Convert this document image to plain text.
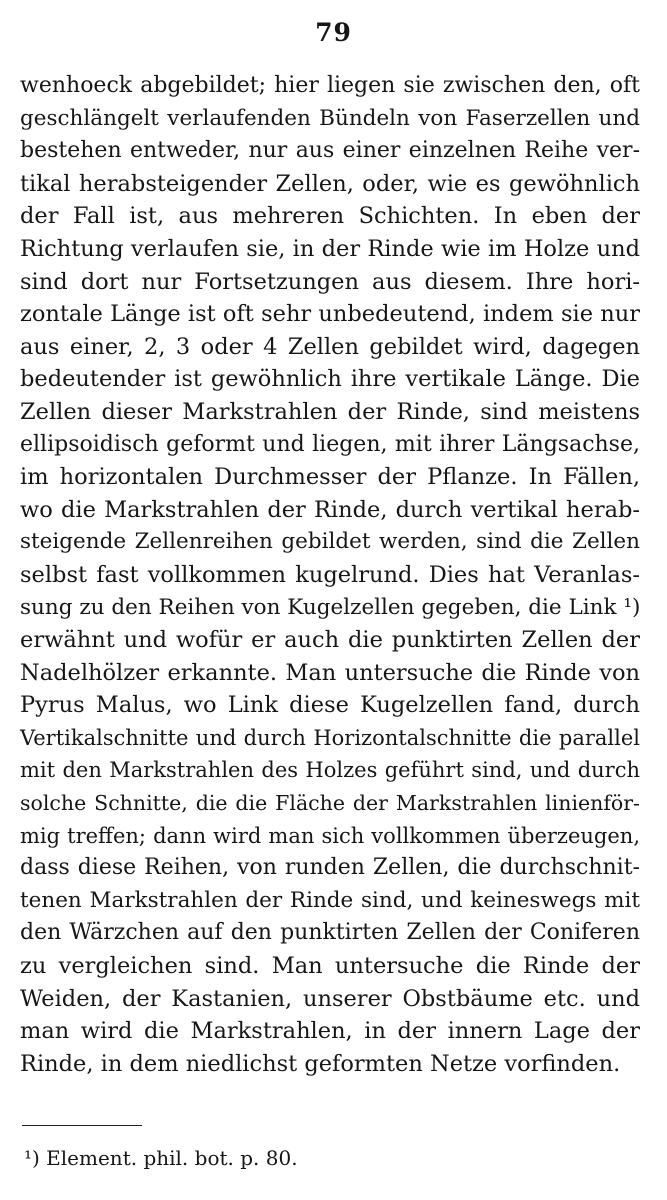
79
wenhoeck abgebildet; hier liegen sie zwischen den, oft
geschlängelt verlaufenden Bündeln von Faserzellen und
bestehen entweder, nur aus einer einzelnen Reihe ver-
tikal herabsteigender Zellen, oder, wie es gewöhnlich
der Fall ist, aus mehreren Schichten. In eben der
Richtung verlaufen sie, in der Rinde wie im Holze und
sind dort nur Fortsetzungen aus diesem. Ihre hori-
zontale Länge ist oft sehr unbedeutend, indem sie nur
aus einer, 2, 3 oder 4 Zellen gebildet wird, dagegen
bedeutender ist gewöhnlich ihre vertikale Länge. Die
Zellen dieser Markstrahlen der Rinde, sind meistens
ellipsoidisch geformt und liegen, mit ihrer Längsachse,
im horizontalen Durchmesser der Pflanze. In Fällen,
wo die Markstrahlen der Rinde, durch vertikal herab-
steigende Zellenreihen gebildet werden, sind die Zellen
selbst fast vollkommen kugelrund. Dies hat Veranlas-
sung zu den Reihen von Kugelzellen gegeben, die Link ¹)
erwähnt und wofür er auch die punktirten Zellen der
Nadelhölzer erkannte. Man untersuche die Rinde von
Pyrus Malus, wo Link diese Kugelzellen fand, durch
Vertikalschnitte und durch Horizontalschnitte die parallel
mit den Markstrahlen des Holzes geführt sind, und durch
solche Schnitte, die die Fläche der Markstrahlen linienför-
mig treffen; dann wird man sich vollkommen überzeugen,
dass diese Reihen, von runden Zellen, die durchschnit-
tenen Markstrahlen der Rinde sind, und keineswegs mit
den Wärzchen auf den punktirten Zellen der Coniferen
zu vergleichen sind. Man untersuche die Rinde der
Weiden, der Kastanien, unserer Obstbäume etc. und
man wird die Markstrahlen, in der innern Lage der
Rinde, in dem niedlichst geformten Netze vorfinden.
¹) Element. phil. bot. p. 80.
